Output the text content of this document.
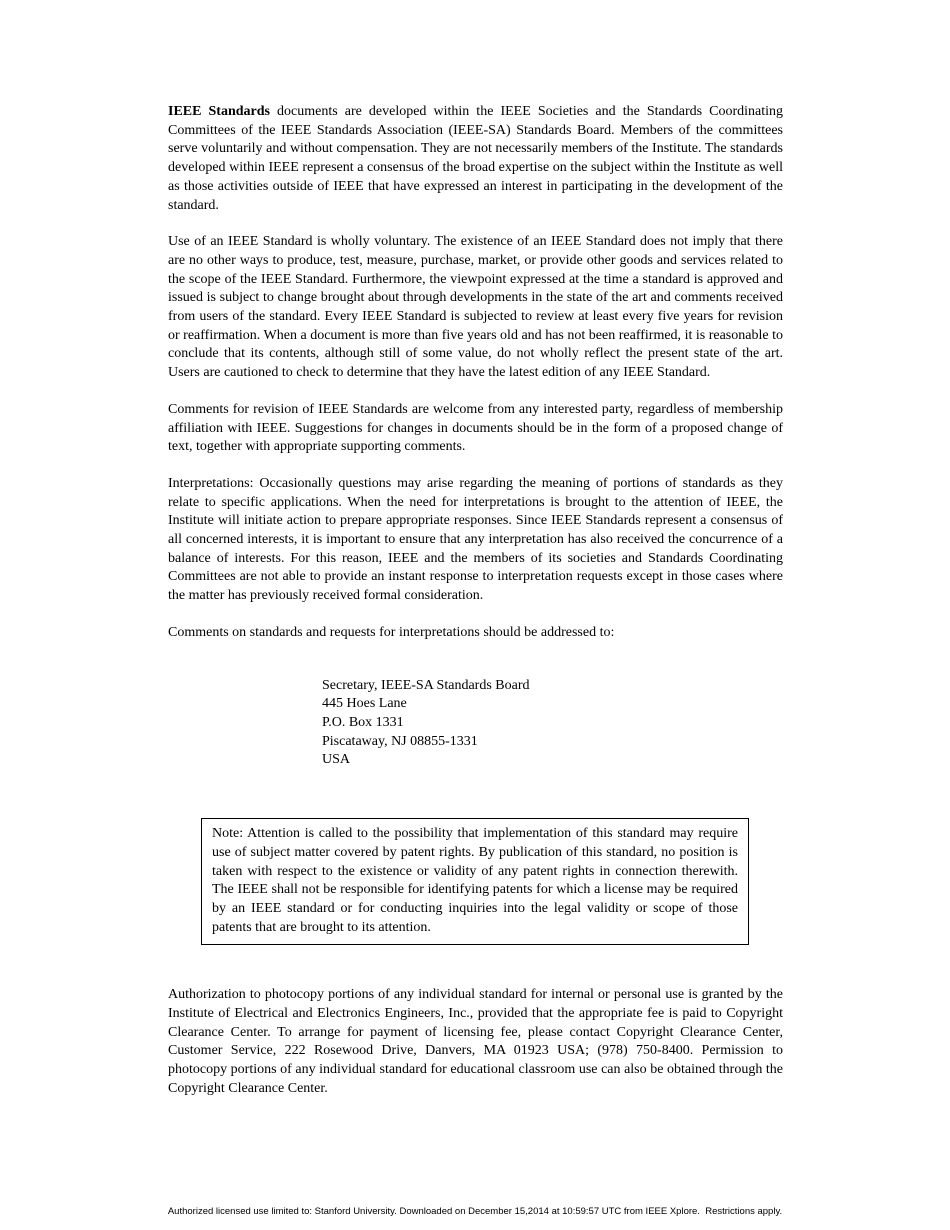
IEEE Standards documents are developed within the IEEE Societies and the Standards Coordinating Committees of the IEEE Standards Association (IEEE-SA) Standards Board. Members of the committees serve voluntarily and without compensation. They are not necessarily members of the Institute. The standards developed within IEEE represent a consensus of the broad expertise on the subject within the Institute as well as those activities outside of IEEE that have expressed an interest in participating in the development of the standard.

Use of an IEEE Standard is wholly voluntary. The existence of an IEEE Standard does not imply that there are no other ways to produce, test, measure, purchase, market, or provide other goods and services related to the scope of the IEEE Standard. Furthermore, the viewpoint expressed at the time a standard is approved and issued is subject to change brought about through developments in the state of the art and comments received from users of the standard. Every IEEE Standard is subjected to review at least every five years for revision or reaffirmation. When a document is more than five years old and has not been reaffirmed, it is reasonable to conclude that its contents, although still of some value, do not wholly reflect the present state of the art. Users are cautioned to check to determine that they have the latest edition of any IEEE Standard.

Comments for revision of IEEE Standards are welcome from any interested party, regardless of membership affiliation with IEEE. Suggestions for changes in documents should be in the form of a proposed change of text, together with appropriate supporting comments.

Interpretations: Occasionally questions may arise regarding the meaning of portions of standards as they relate to specific applications. When the need for interpretations is brought to the attention of IEEE, the Institute will initiate action to prepare appropriate responses. Since IEEE Standards represent a consensus of all concerned interests, it is important to ensure that any interpretation has also received the concurrence of a balance of interests. For this reason, IEEE and the members of its societies and Standards Coordinating Committees are not able to provide an instant response to interpretation requests except in those cases where the matter has previously received formal consideration.

Comments on standards and requests for interpretations should be addressed to:

Secretary, IEEE-SA Standards Board
445 Hoes Lane
P.O. Box 1331
Piscataway, NJ 08855-1331
USA

Note: Attention is called to the possibility that implementation of this standard may require use of subject matter covered by patent rights. By publication of this standard, no position is taken with respect to the existence or validity of any patent rights in connection therewith. The IEEE shall not be responsible for identifying patents for which a license may be required by an IEEE standard or for conducting inquiries into the legal validity or scope of those patents that are brought to its attention.

Authorization to photocopy portions of any individual standard for internal or personal use is granted by the Institute of Electrical and Electronics Engineers, Inc., provided that the appropriate fee is paid to Copyright Clearance Center. To arrange for payment of licensing fee, please contact Copyright Clearance Center, Customer Service, 222 Rosewood Drive, Danvers, MA 01923 USA; (978) 750-8400. Permission to photocopy portions of any individual standard for educational classroom use can also be obtained through the Copyright Clearance Center.

Authorized licensed use limited to: Stanford University. Downloaded on December 15,2014 at 10:59:57 UTC from IEEE Xplore.  Restrictions apply.
